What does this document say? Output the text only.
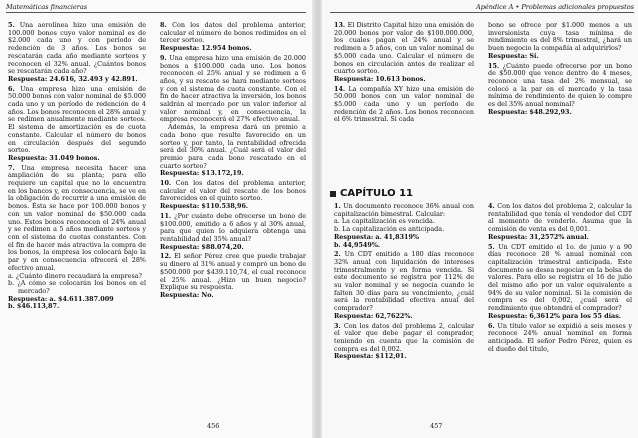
Matemáticas financieras
5. Una aerolínea hizo una emisión de 100.000 bonos cuyo valor nominal es de $2.000 cada uno y con período de redención de 3 años. Los bonos se rescatarán cada año mediante sorteos y reconocen el 32% anual. ¿Cuántos bonos se rescatarán cada año?
Respuesta: 24.616, 32.493 y 42.891.
6. Una empresa hizo una emisión de 50.000 bonos con valor nominal de $5.000 cada uno y un período de redención de 4 años. Los bonos reconocen el 28% anual y se redimen anualmente mediante sorteos. El sistema de amortización es de cuota constante. Calcular el número de bonos en circulación después del segundo sorteo.
Respuesta: 31.049 bonos.
7. Una empresa necesita hacer una ampliación de su planta; para ello requiere un capital que no lo encuentra en los bancos y, en consecuencia, se ve en la obligación de recurrir a una emisión de bonos. Ésta se hace por 100.000 bonos y con un valor nominal de $50.000 cada uno. Estos bonos reconocen el 24% anual y se redimen a 5 años mediante sorteos y con el sistema de cuotas constantes. Con el fin de hacer más atractiva la compra de los bonos, la empresa los colocará bajo la par y en consecuencia ofrecerá el 28% efectivo anual.
a. ¿Cuánto dinero recaudará la empresa?
b. ¿A cómo se colocarán los bonos en el mercado?
Respuesta: a. $4.611.387.009
b. $46.113,87.
8. Con los datos del problema anterior, calcular el número de bonos redimidos en el tercer sorteo.
Respuesta: 12.954 bonos.
9. Una empresa hizo una emisión de 20.000 bonos a $100.000 cada uno. Los bonos reconocen el 25% anual y se redimen a 6 años, y su rescate se hará mediante sorteos y con el sistema de cuota constante. Con el fin de hacer atractiva la inversión, los bonos saldrán al mercado por un valor inferior al valor nominal y, en consecuencia, la empresa reconocerá el 27% efectivo anual.
Además, la empresa dará un premio a cada bono que resulte favorecido en un sorteo y, por tanto, la rentabilidad ofrecida será del 30% anual. ¿Cuál será el valor del premio para cada bono rescatado en el cuarto sorteo?
Respuesta: $13.172,19.
10. Con los datos del problema anterior, calcular el valor del rescate de los bonos favorecidos en el quinto sorteo.
Respuesta: $110.538,96.
11. ¿Por cuánto debe ofrecerse un bono de $100.000, emitido a 6 años y al 30% anual, para que quien lo adquiera obtenga una rentabilidad del 35% anual?
Respuesta: $88.074,20.
12. El señor Pérez cree que puede trabajar su dinero al 31% anual y compró un bono de $500.000 por $439.110,74, el cual reconoce el 25% anual. ¿Hizo un buen negocio? Explique su respuesta.
Respuesta: No.
456
Apéndice A • Problemas adicionales propuestos
13. El Distrito Capital hizo una emisión de 20.000 bonos por valor de $100.000.000, los cuales pagan el 24% anual y se redimen a 5 años, con un valor nominal de $5.000 cada uno. Calcular el número de bonos en circulación antes de realizar el cuarto sorteo.
Respuesta: 10.613 bonos.
14. La compañía XY hizo una emisión de 50.000 bonos con un valor nominal de $5.000 cada uno y un período de redención de 2 años. Los bonos reconocen el 6% trimestral. Si cada
bono se ofrece por $1.000 menos a un inversionista cuya tasa mínima de rendimiento es del 8% trimestral, ¿hará un buen negocio la compañía al adquirirlos?
Respuesta: Sí.
15. ¿Cuánto puede ofrecerse por un bono de $50.000 que vence dentro de 4 meses, reconoce una tasa del 2% mensual, se colocó a la par en el mercado y la tasa mínima de rendimiento de quien lo compre es del 35% anual nominal?
Respuesta: $48.292,93.
CAPÍTULO 11
1. Un documento reconoce 36% anual con capitalización bimestral. Calcular:
a. La capitalización es vencida.
b. La capitalización es anticipada.
Respuesta: a. 41,8319%
b. 44,9549%.
2. Un CDT emitido a 180 días reconoce 32% anual con liquidación de intereses trimestralmente y en forma vencida. Si este documento se registra por 112% de su valor nominal y se negocia cuando le falten 30 días para su vencimiento, ¿cuál será la rentabilidad efectiva anual del comprador?
Respuesta: 62,7622%.
3. Con los datos del problema 2, calcular el valor que debe pagar el comprador, teniendo en cuenta que la comisión de compra es del 0,002.
Respuesta: $112,01.
4. Con los datos del problema 2, calcular la rentabilidad que tenía el vendedor del CDT al momento de venderlo. Asuma que la comisión de venta es del 0,001.
Respuesta: 31,2572% anual.
5. Un CDT emitido el 1o. de junio y a 90 días reconoce 28 % anual nominal con capitalización trimestral anticipada. Este documento se desea negociar en la bolsa de valores. Para ello se registra el 16 de julio del mismo año por un valor equivalente a 94% de su valor nominal. Si la comisión de compra es del 0,002, ¿cuál será el rendimiento que obtendrá el comprador?
Respuesta: 6,3612% para los 55 días.
6. Un título valor se expidió a seis meses y reconoce 24% anual nominal en forma anticipada. El señor Pedro Pérez, quien es el dueño del título,
457
